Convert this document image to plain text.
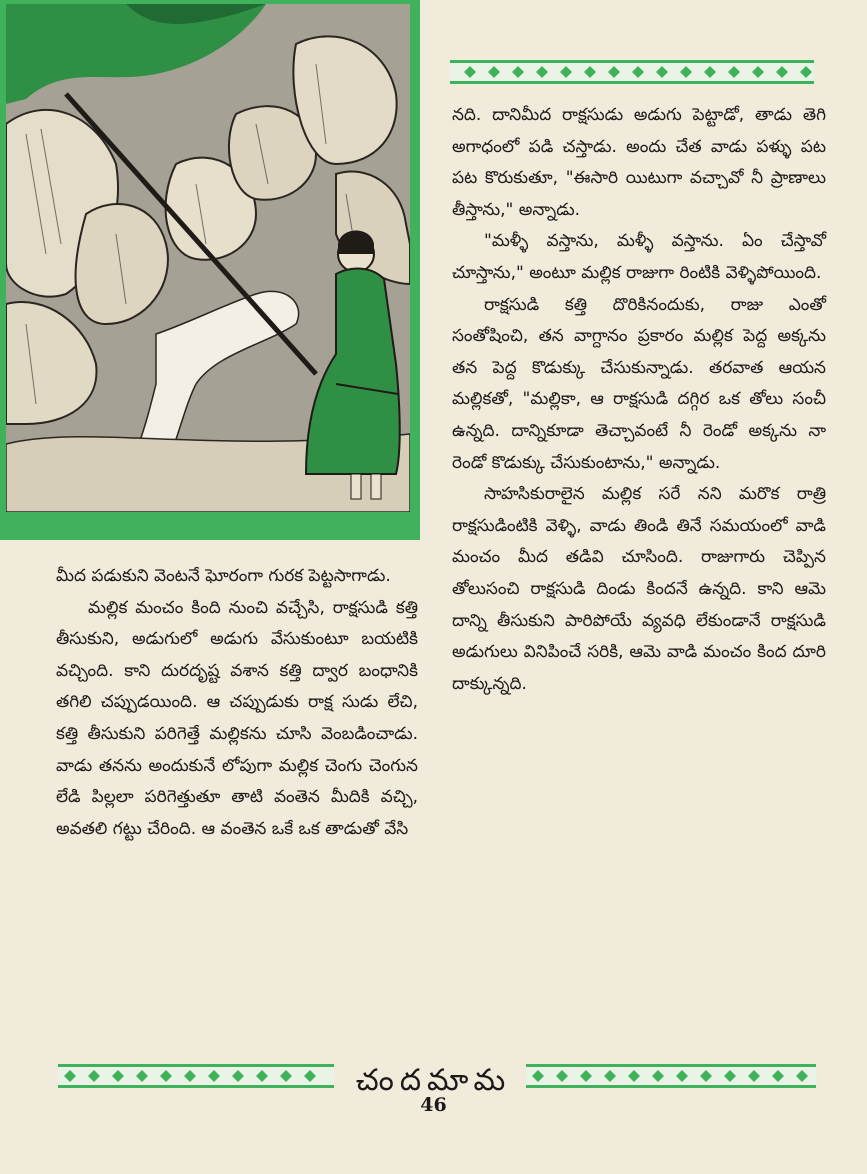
నది. దానిమీద రాక్షసుడు అడుగు పెట్టాడో, తాడు తెగి అగాధంలో పడి చస్తాడు. అందు చేత వాడు పళ్ళు పట పట కొరుకుతూ, "ఈసారి యిటుగా వచ్చావో నీ ప్రాణాలు తీస్తాను," అన్నాడు.

"మళ్ళీ వస్తాను, మళ్ళీ వస్తాను. ఏం చేస్తావో చూస్తాను," అంటూ మల్లిక రాజుగా రింటికి వెళ్ళిపోయింది.

రాక్షసుడి కత్తి దొరికినందుకు, రాజు ఎంతో సంతోషించి, తన వాగ్దానం ప్రకారం మల్లిక పెద్ద అక్కను తన పెద్ద కొడుక్కు చేసుకున్నాడు. తరవాత ఆయన మల్లికతో, "మల్లికా, ఆ రాక్షసుడి దగ్గిర ఒక తోలు సంచీ ఉన్నది. దాన్నికూడా తెచ్చావంటే నీ రెండో అక్కను నా రెండో కొడుక్కు చేసుకుంటాను," అన్నాడు.

సాహసికురాలైన మల్లిక సరే నని మరొక రాత్రి రాక్షసుడింటికి వెళ్ళి, వాడు తిండి తినే సమయంలో వాడి మంచం మీద తడివి చూసింది. రాజుగారు చెప్పిన తోలుసంచి రాక్షసుడి దిండు కిందనే ఉన్నది. కాని ఆమె దాన్ని తీసుకుని పారిపోయే వ్యవధి లేకుండానే రాక్షసుడి అడుగులు వినిపించే సరికి, ఆమె వాడి మంచం కింద దూరి దాక్కున్నది.

మీద పడుకుని వెంటనే ఘోరంగా గురక పెట్టసాగాడు.

మల్లిక మంచం కింది నుంచి వచ్చేసి, రాక్షసుడి కత్తి తీసుకుని, అడుగులో అడుగు వేసుకుంటూ బయటికి వచ్చింది. కాని దురదృష్ట వశాన కత్తి ద్వార బంధానికి తగిలి చప్పుడయింది. ఆ చప్పుడుకు రాక్ష సుడు లేచి, కత్తి తీసుకుని పరిగెత్తే మల్లికను చూసి వెంబడించాడు. వాడు తనను అందుకునే లోపుగా మల్లిక చెంగు చెంగున లేడి పిల్లలా పరిగెత్తుతూ తాటి వంతెన మీదికి వచ్చి, అవతలి గట్టు చేరింది. ఆ వంతెన ఒకే ఒక తాడుతో వేసి

చందమామ
46
